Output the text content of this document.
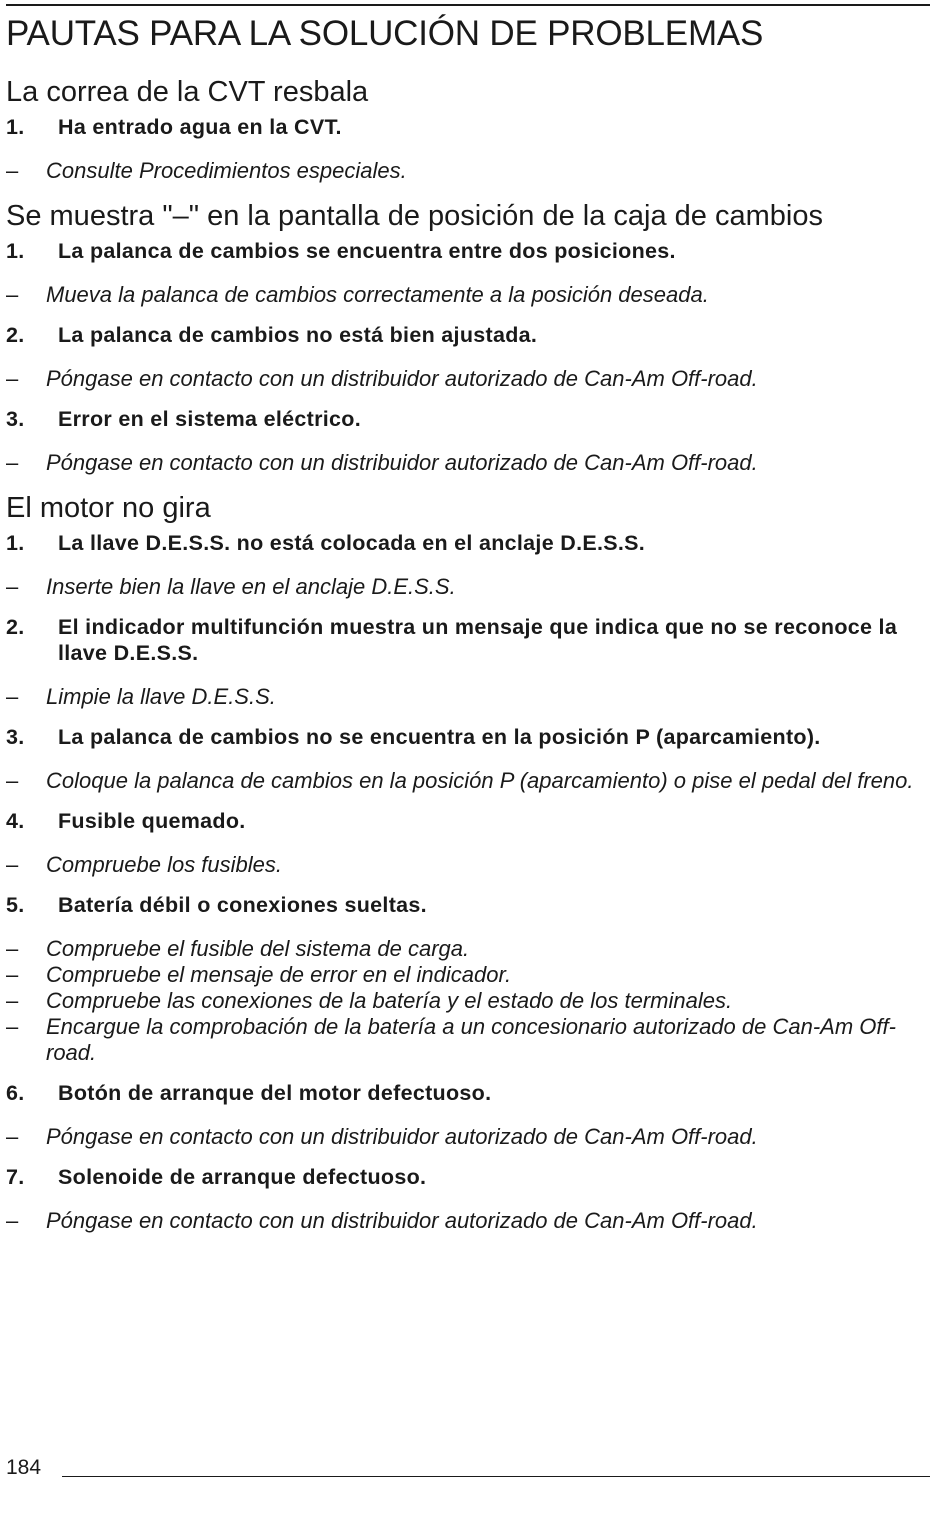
PAUTAS PARA LA SOLUCIÓN DE PROBLEMAS
La correa de la CVT resbala
1.	Ha entrado agua en la CVT.
–	Consulte Procedimientos especiales.
Se muestra "–" en la pantalla de posición de la caja de cambios
1.	La palanca de cambios se encuentra entre dos posiciones.
–	Mueva la palanca de cambios correctamente a la posición deseada.
2.	La palanca de cambios no está bien ajustada.
–	Póngase en contacto con un distribuidor autorizado de Can-Am Off-road.
3.	Error en el sistema eléctrico.
–	Póngase en contacto con un distribuidor autorizado de Can-Am Off-road.
El motor no gira
1.	La llave D.E.S.S. no está colocada en el anclaje D.E.S.S.
–	Inserte bien la llave en el anclaje D.E.S.S.
2.	El indicador multifunción muestra un mensaje que indica que no se reconoce la llave D.E.S.S.
–	Limpie la llave D.E.S.S.
3.	La palanca de cambios no se encuentra en la posición P (aparcamiento).
–	Coloque la palanca de cambios en la posición P (aparcamiento) o pise el pedal del freno.
4.	Fusible quemado.
–	Compruebe los fusibles.
5.	Batería débil o conexiones sueltas.
–	Compruebe el fusible del sistema de carga.
–	Compruebe el mensaje de error en el indicador.
–	Compruebe las conexiones de la batería y el estado de los terminales.
–	Encargue la comprobación de la batería a un concesionario autorizado de Can-Am Off-road.
6.	Botón de arranque del motor defectuoso.
–	Póngase en contacto con un distribuidor autorizado de Can-Am Off-road.
7.	Solenoide de arranque defectuoso.
–	Póngase en contacto con un distribuidor autorizado de Can-Am Off-road.
184
